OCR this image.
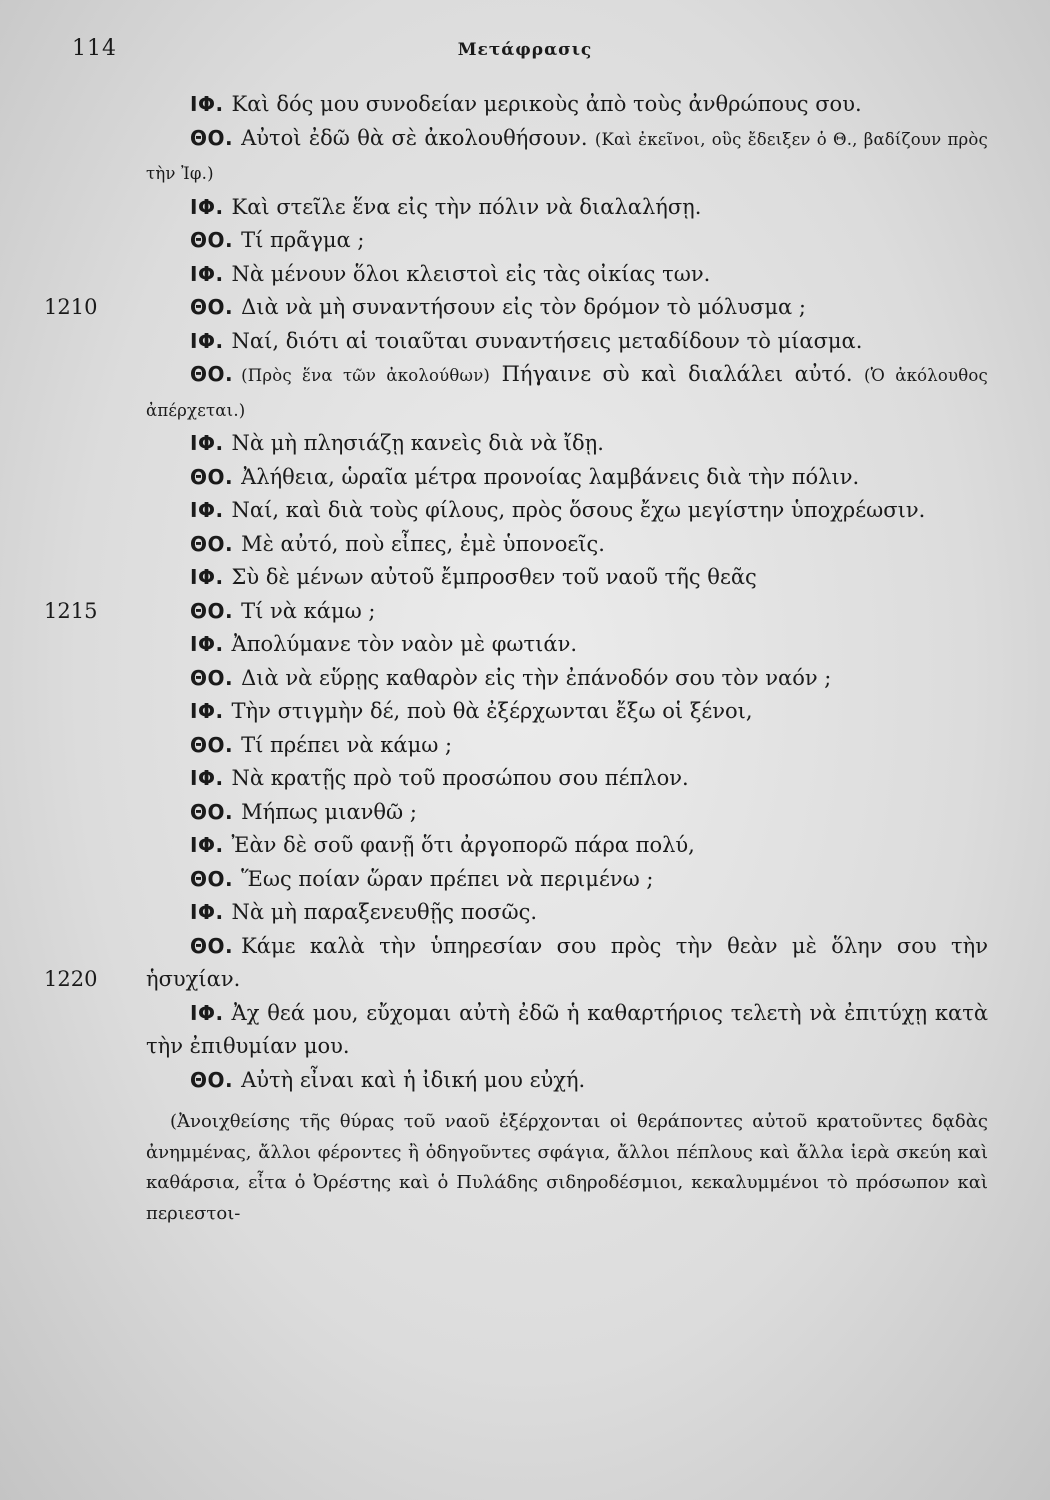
114	Μετάφρασις

ΙΦ. Καὶ δός μου συνοδείαν μερικοὺς ἀπὸ τοὺς ἀνθρώπους σου.

ΘΟ. Αὐτοὶ ἐδῶ θὰ σὲ ἀκολουθήσουν. (Καὶ ἐκεῖνοι, οὓς ἔδειξεν ὁ Θ., βαδίζουν πρὸς τὴν Ἰφ.)

ΙΦ. Καὶ στεῖλε ἕνα εἰς τὴν πόλιν νὰ διαλαλήσῃ.

ΘΟ. Τί πρᾶγμα ;

ΙΦ. Νὰ μένουν ὅλοι κλειστοὶ εἰς τὰς οἰκίας των.

1210	ΘΟ. Διὰ νὰ μὴ συναντήσουν εἰς τὸν δρόμον τὸ μόλυσμα ;

ΙΦ. Ναί, διότι αἱ τοιαῦται συναντήσεις μεταδίδουν τὸ μίασμα.

ΘΟ. (Πρὸς ἕνα τῶν ἀκολούθων) Πήγαινε σὺ καὶ διαλάλει αὐτό. (Ὁ ἀκόλουθος ἀπέρχεται.)

ΙΦ. Νὰ μὴ πλησιάζῃ κανεὶς διὰ νὰ ἴδῃ.

ΘΟ. Ἀλήθεια, ὡραῖα μέτρα προνοίας λαμβάνεις διὰ τὴν πόλιν.

ΙΦ. Ναί, καὶ διὰ τοὺς φίλους, πρὸς ὅσους ἔχω μεγίστην ὑποχρέωσιν.

ΘΟ. Μὲ αὐτό, ποὺ εἶπες, ἐμὲ ὑπονοεῖς.

ΙΦ. Σὺ δὲ μένων αὐτοῦ ἔμπροσθεν τοῦ ναοῦ τῆς θεᾶς

1215	ΘΟ. Τί νὰ κάμω ;

ΙΦ. Ἀπολύμανε τὸν ναὸν μὲ φωτιάν.

ΘΟ. Διὰ νὰ εὕρῃς καθαρὸν εἰς τὴν ἐπάνοδόν σου τὸν ναόν ;

ΙΦ. Τὴν στιγμὴν δέ, ποὺ θὰ ἐξέρχωνται ἔξω οἱ ξένοι,

ΘΟ. Τί πρέπει νὰ κάμω ;

ΙΦ. Νὰ κρατῇς πρὸ τοῦ προσώπου σου πέπλον.

ΘΟ. Μήπως μιανθῶ ;

ΙΦ. Ἐὰν δὲ σοῦ φανῇ ὅτι ἀργοπορῶ πάρα πολύ,

ΘΟ. Ἕως ποίαν ὥραν πρέπει νὰ περιμένω ;

ΙΦ. Νὰ μὴ παραξενευθῇς ποσῶς.

1220
ΘΟ. Κάμε καλὰ τὴν ὑπηρεσίαν σου πρὸς τὴν θεὰν μὲ ὅλην σου τὴν ἡσυχίαν.

ΙΦ. Ἀχ θεά μου, εὔχομαι αὐτὴ ἐδῶ ἡ καθαρτήριος τελετὴ νὰ ἐπιτύχῃ κατὰ τὴν ἐπιθυμίαν μου.

ΘΟ. Αὐτὴ εἶναι καὶ ἡ ἰδική μου εὐχή.

(Ἀνοιχθείσης τῆς θύρας τοῦ ναοῦ ἐξέρχονται οἱ θεράποντες αὐτοῦ κρατοῦντες δᾳδὰς ἀνημμένας, ἄλλοι φέροντες ἢ ὁδηγοῦντες σφάγια, ἄλλοι πέπλους καὶ ἄλλα ἱερὰ σκεύη καὶ καθάρσια, εἶτα ὁ Ὀρέστης καὶ ὁ Πυλάδης σιδηροδέσμιοι, κεκαλυμμένοι τὸ πρόσωπον καὶ περιεστοι-
